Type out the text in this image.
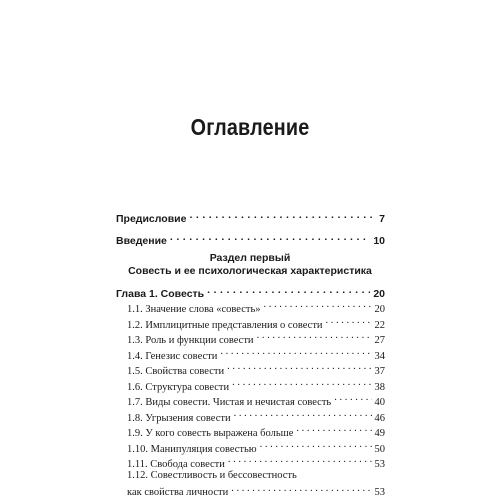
Оглавление
Предисловие . . .	7
Введение . . .	10
Раздел первый
Совесть и ее психологическая характеристика
Глава 1. Совесть . . .	20
1.1. Значение слова «совесть» . . .	20
1.2. Имплицитные представления о совести . . .	22
1.3. Роль и функции совести . . .	27
1.4. Генезис совести . . .	34
1.5. Свойства совести . . .	37
1.6. Структура совести . . .	38
1.7. Виды совести. Чистая и нечистая совесть . . .	40
1.8. Угрызения совести . . .	46
1.9. У кого совесть выражена больше . . .	49
1.10. Манипуляция совестью . . .	50
1.11. Свобода совести . . .	53
1.12. Совестливость и бессовестность
как свойства личности . . .	53
